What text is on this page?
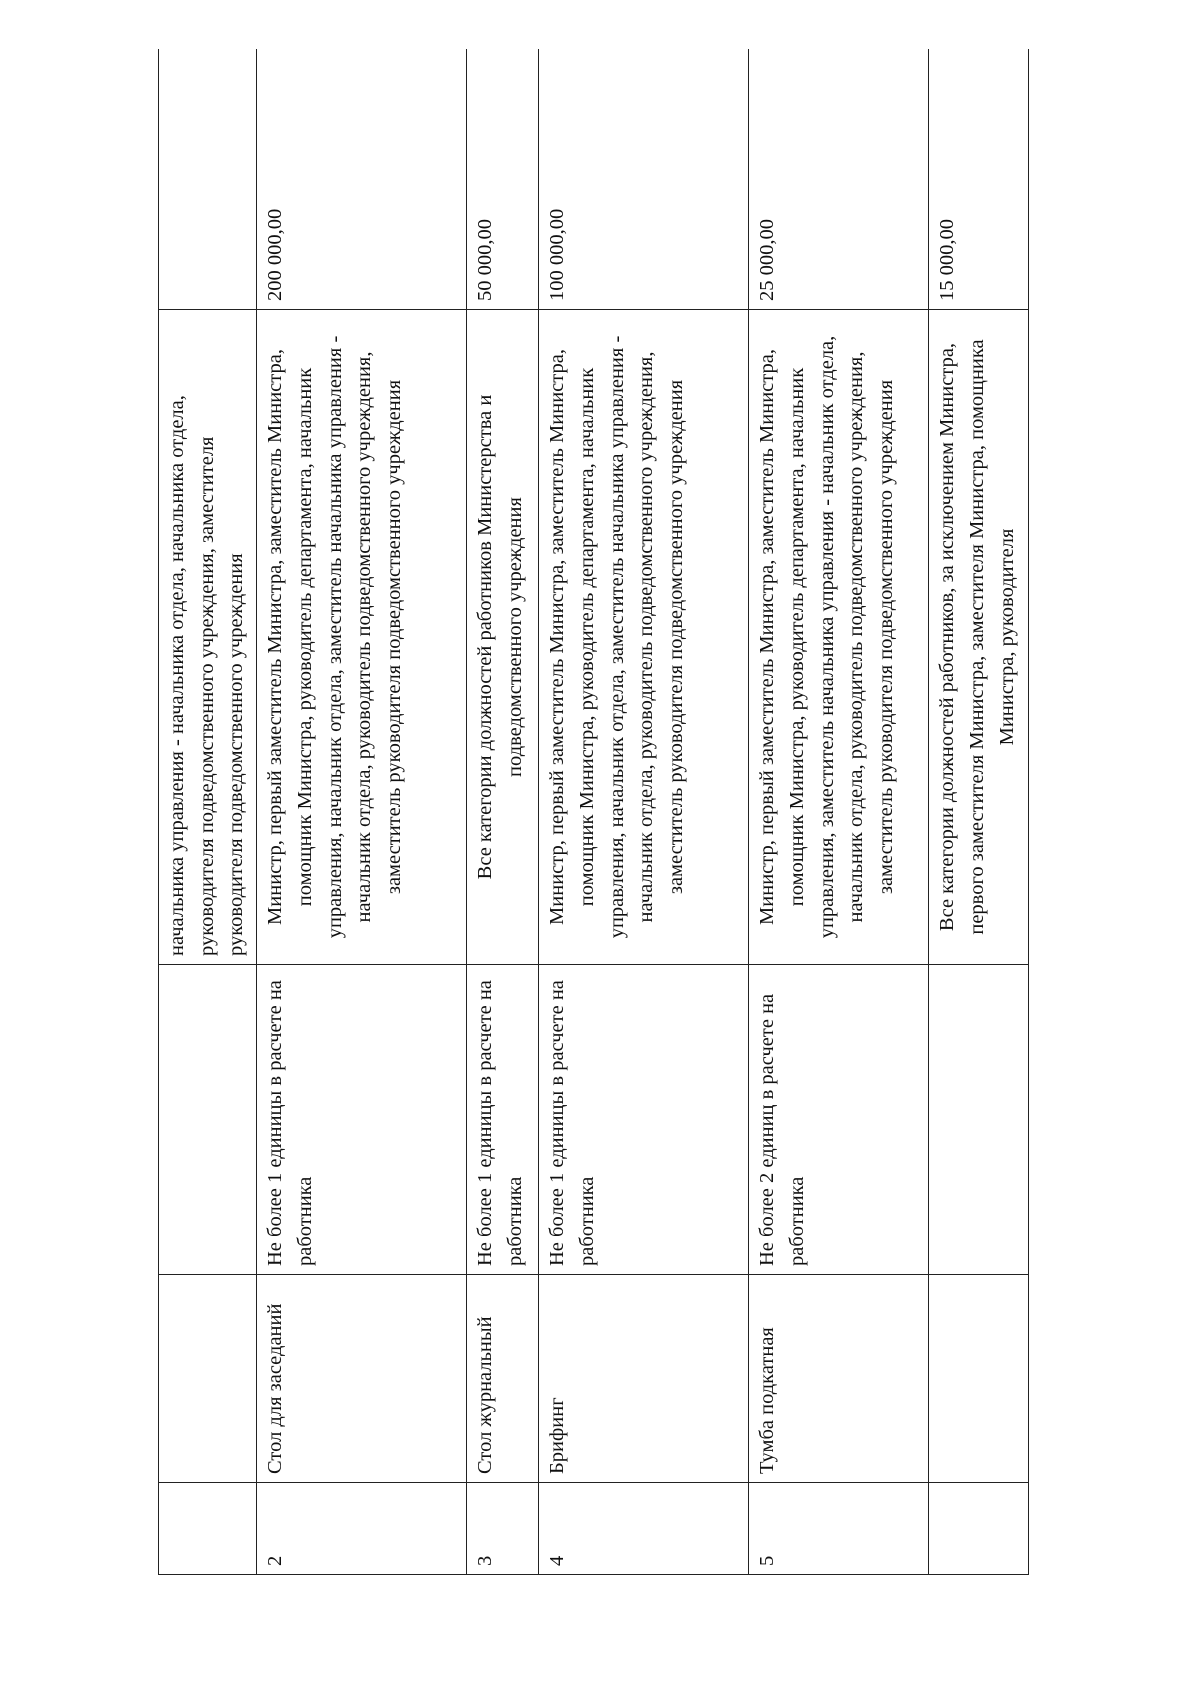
			начальника управления - начальника отдела, начальника отдела, руководителя подведомственного учреждения, заместителя руководителя подведомственного учреждения	
2	Стол для заседаний	Не более 1 единицы в расчете на работника	Министр, первый заместитель Министра, заместитель Министра, помощник Министра, руководитель департамента, начальник управления, начальник отдела, заместитель начальника управления - начальник отдела, руководитель подведомственного учреждения, заместитель руководителя подведомственного учреждения	200 000,00
3	Стол журнальный	Не более 1 единицы в расчете на работника	Все категории должностей работников Министерства и подведомственного учреждения	50 000,00
4	Брифинг	Не более 1 единицы в расчете на работника	Министр, первый заместитель Министра, заместитель Министра, помощник Министра, руководитель департамента, начальник управления, начальник отдела, заместитель начальника управления - начальник отдела, руководитель подведомственного учреждения, заместитель руководителя подведомственного учреждения	100 000,00
5	Тумба подкатная	Не более 2 единиц в расчете на работника	Министр, первый заместитель Министра, заместитель Министра, помощник Министра, руководитель департамента, начальник управления, заместитель начальника управления - начальник отдела, начальник отдела, руководитель подведомственного учреждения, заместитель руководителя подведомственного учреждения	25 000,00
			Все категории должностей работников, за исключением Министра, первого заместителя Министра, заместителя Министра, помощника Министра, руководителя	15 000,00
